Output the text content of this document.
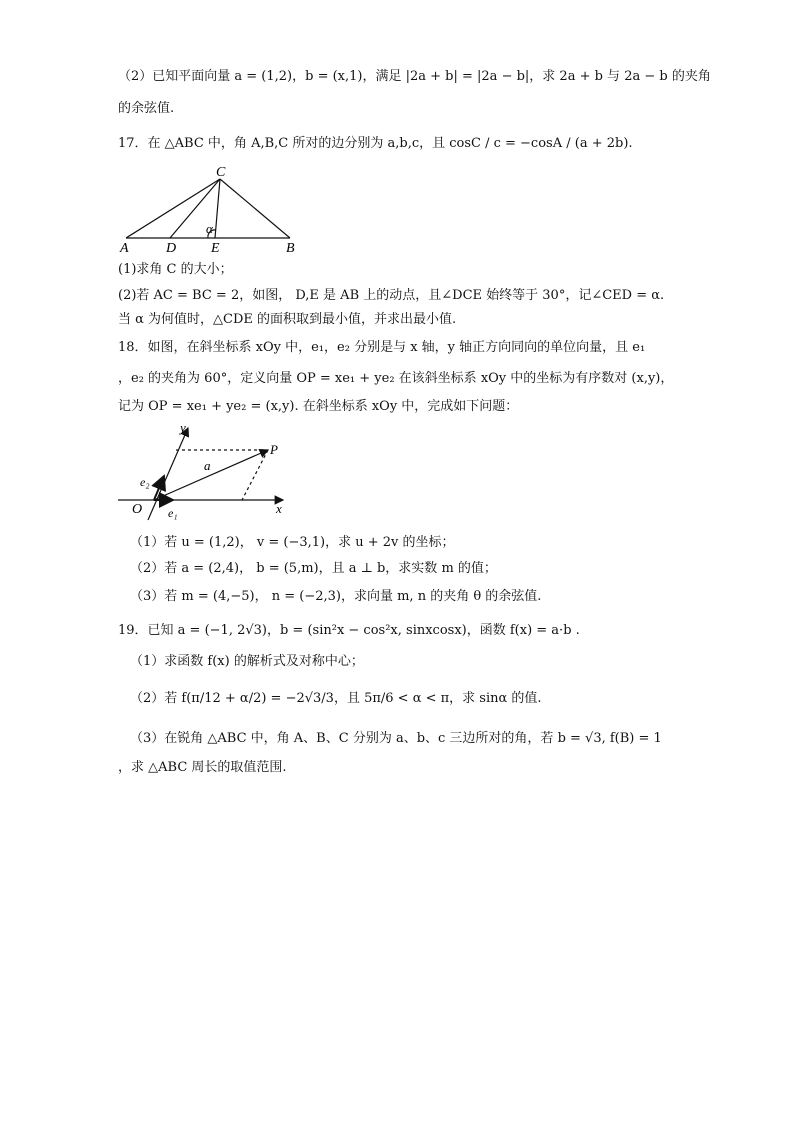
（2）已知平面向量 a = (1,2)，b = (x,1)，满足 |2a + b| = |2a − b|，求 2a + b 与 2a − b 的夹角
的余弦值.
17．在 △ABC 中，角 A,B,C 所对的边分别为 a,b,c，且 cosC / c = −cosA / (a + 2b).
C
A	D E	B
α
(1)求角 C 的大小；
(2)若 AC = BC = 2，如图， D,E 是 AB 上的动点，且∠DCE 始终等于 30°，记∠CED = α.
当 α 为何值时，△CDE 的面积取到最小值，并求出最小值.
18．如图，在斜坐标系 xOy 中，e₁，e₂ 分别是与 x 轴，y 轴正方向同向的单位向量，且 e₁
，e₂ 的夹角为 60°，定义向量 OP = xe₁ + ye₂ 在该斜坐标系 xOy 中的坐标为有序数对 (x,y)，
记为 OP = xe₁ + ye₂ = (x,y). 在斜坐标系 xOy 中，完成如下问题：
y
P
a
e₂
O e₁	x
（1）若 u = (1,2)， v = (−3,1)，求 u + 2v 的坐标；
（2）若 a = (2,4)， b = (5,m)，且 a ⊥ b，求实数 m 的值；
（3）若 m = (4,−5)， n = (−2,3)，求向量 m, n 的夹角 θ 的余弦值.
19．已知 a = (−1, 2√3)，b = (sin²x − cos²x, sinxcosx)，函数 f(x) = a·b .
（1）求函数 f(x) 的解析式及对称中心；
（2）若 f(π/12 + α/2) = −2√3/3，且 5π/6 < α < π，求 sinα 的值.
（3）在锐角 △ABC 中，角 A、B、C 分别为 a、b、c 三边所对的角，若 b = √3, f(B) = 1
，求 △ABC 周长的取值范围.
